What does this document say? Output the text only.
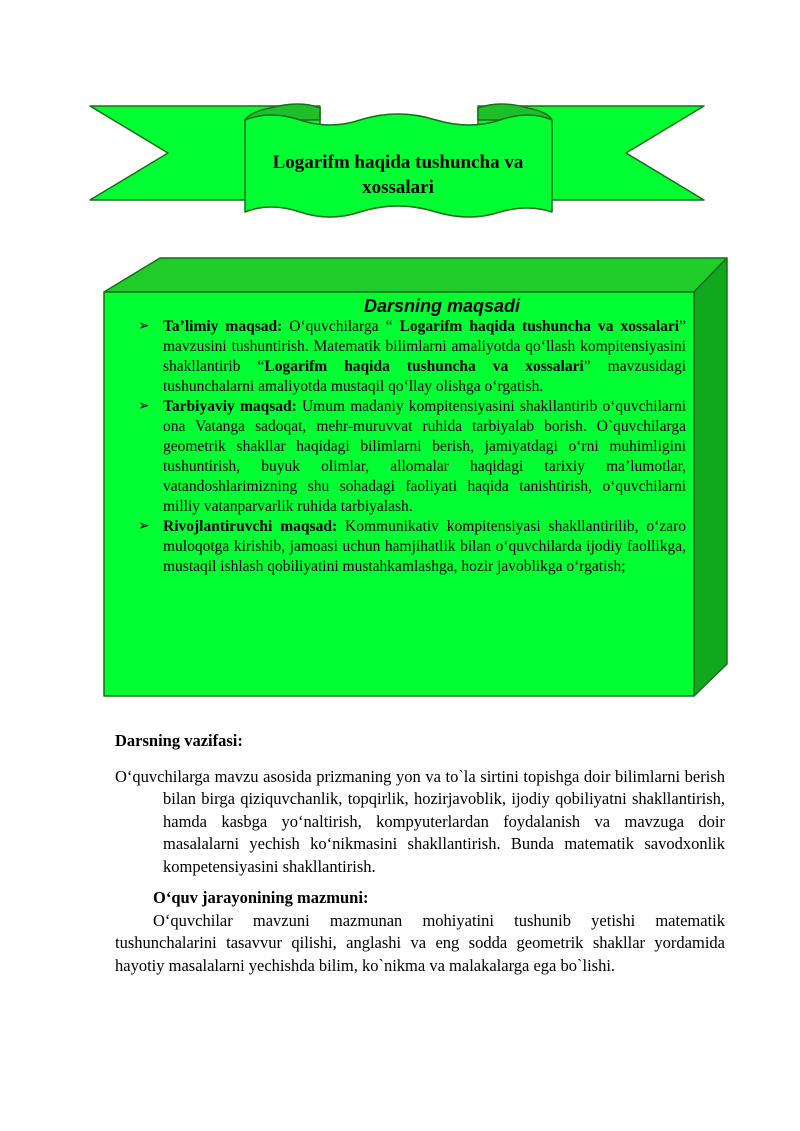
Logarifm haqida tushuncha va xossalari
Darsning maqsadi

➢ Ta’limiy maqsad: O‘quvchilarga “ Logarifm haqida tushuncha va xossalari” mavzusini tushuntirish. Matematik bilimlarni amaliyotda qo‘llash kompitensiyasini shakllantirib “Logarifm haqida tushuncha va xossalari” mavzusidagi tushunchalarni amaliyotda mustaqil qo‘llay olishga o‘rgatish.

➢ Tarbiyaviy maqsad: Umum madaniy kompitensiyasini shakllantirib o‘quvchilarni ona Vatanga sadoqat, mehr-muruvvat ruhida tarbiyalab borish. O`quvchilarga geometrik shakllar haqidagi bilimlarni berish, jamiyatdagi o‘rni muhimligini tushuntirish, buyuk olimlar, allomalar haqidagi tarixiy ma’lumotlar, vatandoshlarimizning shu sohadagi faoliyati haqida tanishtirish, o‘quvchilarni milliy vatanparvarlik ruhida tarbiyalash.

➢ Rivojlantiruvchi maqsad: Kommunikativ kompitensiyasi shakllantirilib, o‘zaro muloqotga kirishib, jamoasi uchun hamjihatlik bilan o‘quvchilarda ijodiy faollikga, mustaqil ishlash qobiliyatini mustahkamlashga, hozir javoblikga o‘rgatish;

Darsning vazifasi:

O‘quvchilarga mavzu asosida prizmaning yon va to`la sirtini topishga doir bilimlarni berish bilan birga qiziquvchanlik, topqirlik, hozirjavoblik, ijodiy qobiliyatni shakllantirish, hamda kasbga yo‘naltirish, kompyuterlardan foydalanish va mavzuga doir masalalarni yechish ko‘nikmasini shakllantirish. Bunda matematik savodxonlik kompetensiyasini shakllantirish.

O‘quv jarayonining mazmuni:

O‘quvchilar mavzuni mazmunan mohiyatini tushunib yetishi matematik tushunchalarini tasavvur qilishi, anglashi va eng sodda geometrik shakllar yordamida hayotiy masalalarni yechishda bilim, ko`nikma va malakalarga ega bo`lishi.
